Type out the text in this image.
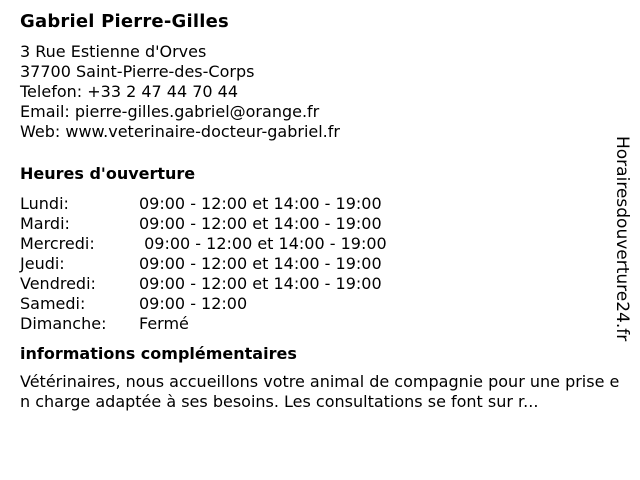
Gabriel Pierre-Gilles
3 Rue Estienne d'Orves
37700 Saint-Pierre-des-Corps
Telefon: +33 2 47 44 70 44
Email: pierre-gilles.gabriel@orange.fr
Web: www.veterinaire-docteur-gabriel.fr
Heures d'ouverture
Lundi:	09:00 - 12:00 et 14:00 - 19:00
Mardi:	09:00 - 12:00 et 14:00 - 19:00
Mercredi:	09:00 - 12:00 et 14:00 - 19:00
Jeudi:	09:00 - 12:00 et 14:00 - 19:00
Vendredi:	09:00 - 12:00 et 14:00 - 19:00
Samedi:	09:00 - 12:00
Dimanche:	Fermé
informations complémentaires
Vétérinaires, nous accueillons votre animal de compagnie pour une prise en charge adaptée à ses besoins. Les consultations se font sur r...
Horairesdouverture24.fr
